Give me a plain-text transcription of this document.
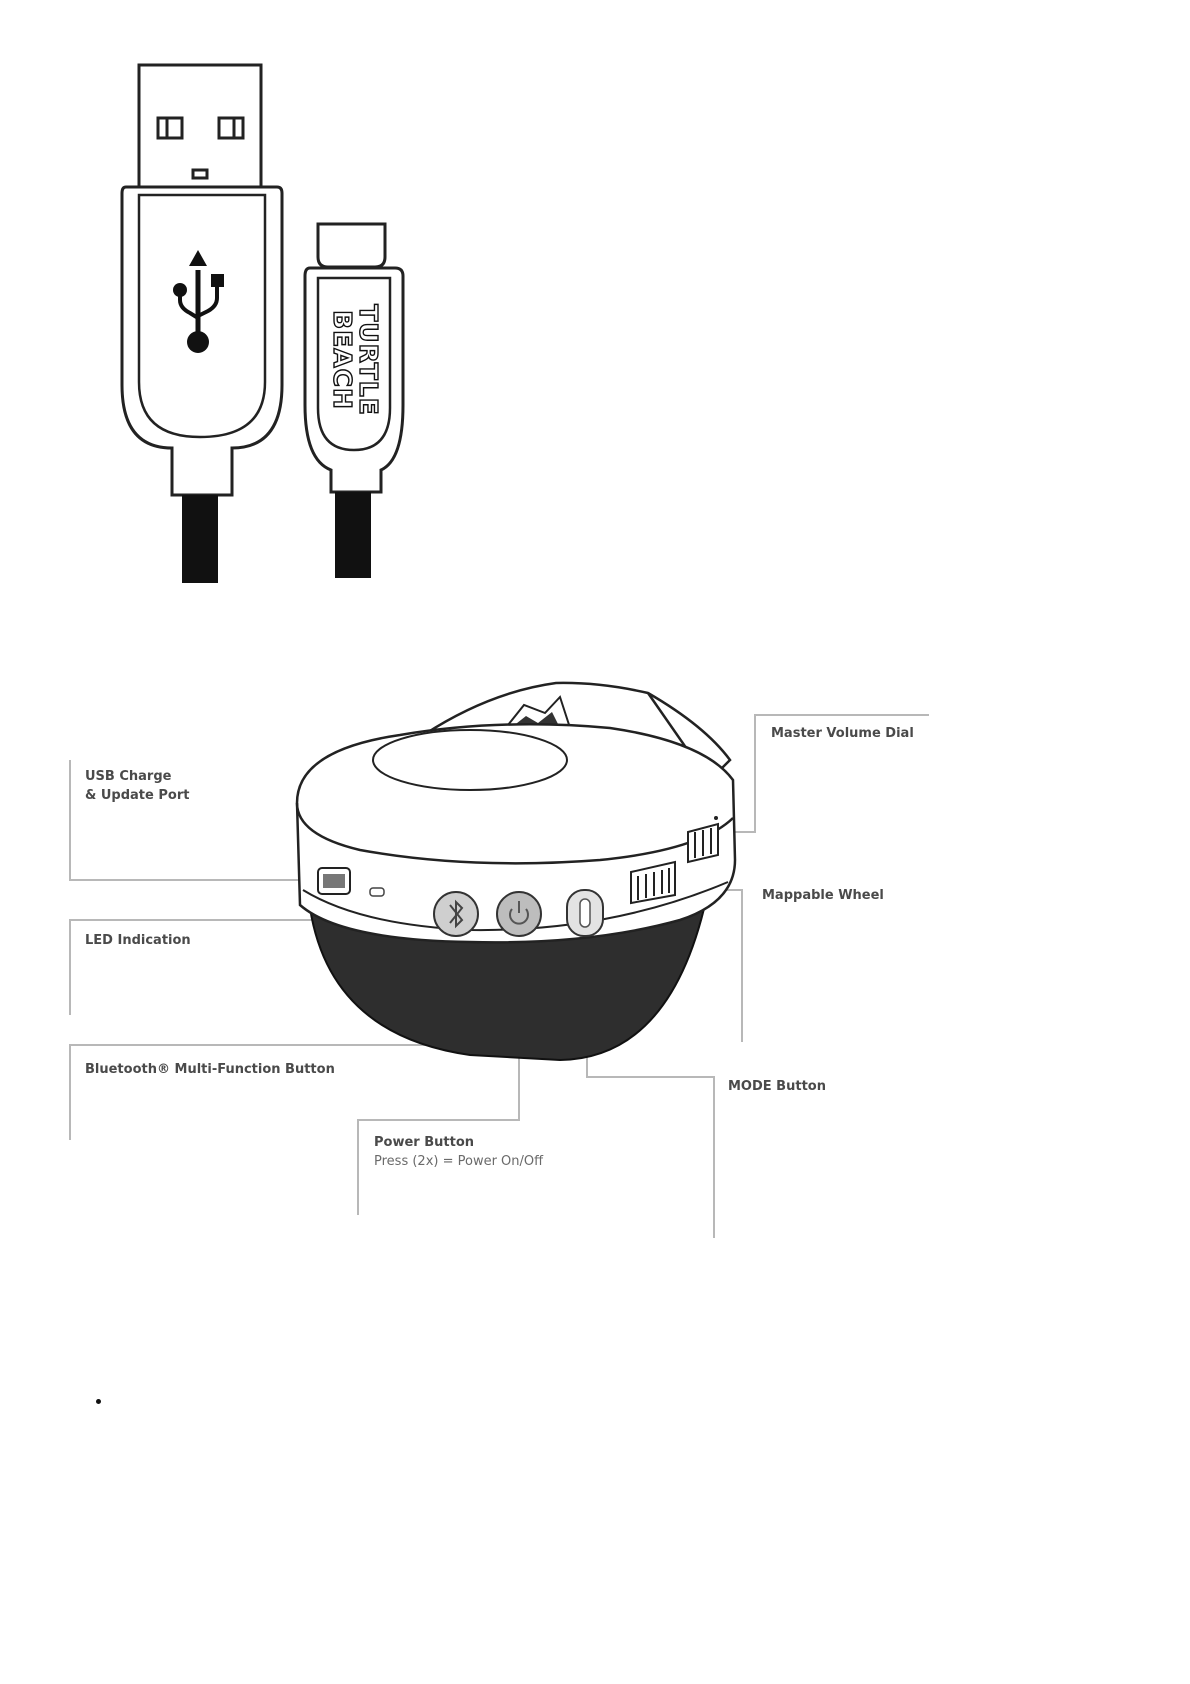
TURTLE
BEACH
USB Charge
& Update Port
LED Indication
Bluetooth® Multi-Function Button
Power Button
Press (2x) = Power On/Off
Master Volume Dial
Mappable Wheel
MODE Button
